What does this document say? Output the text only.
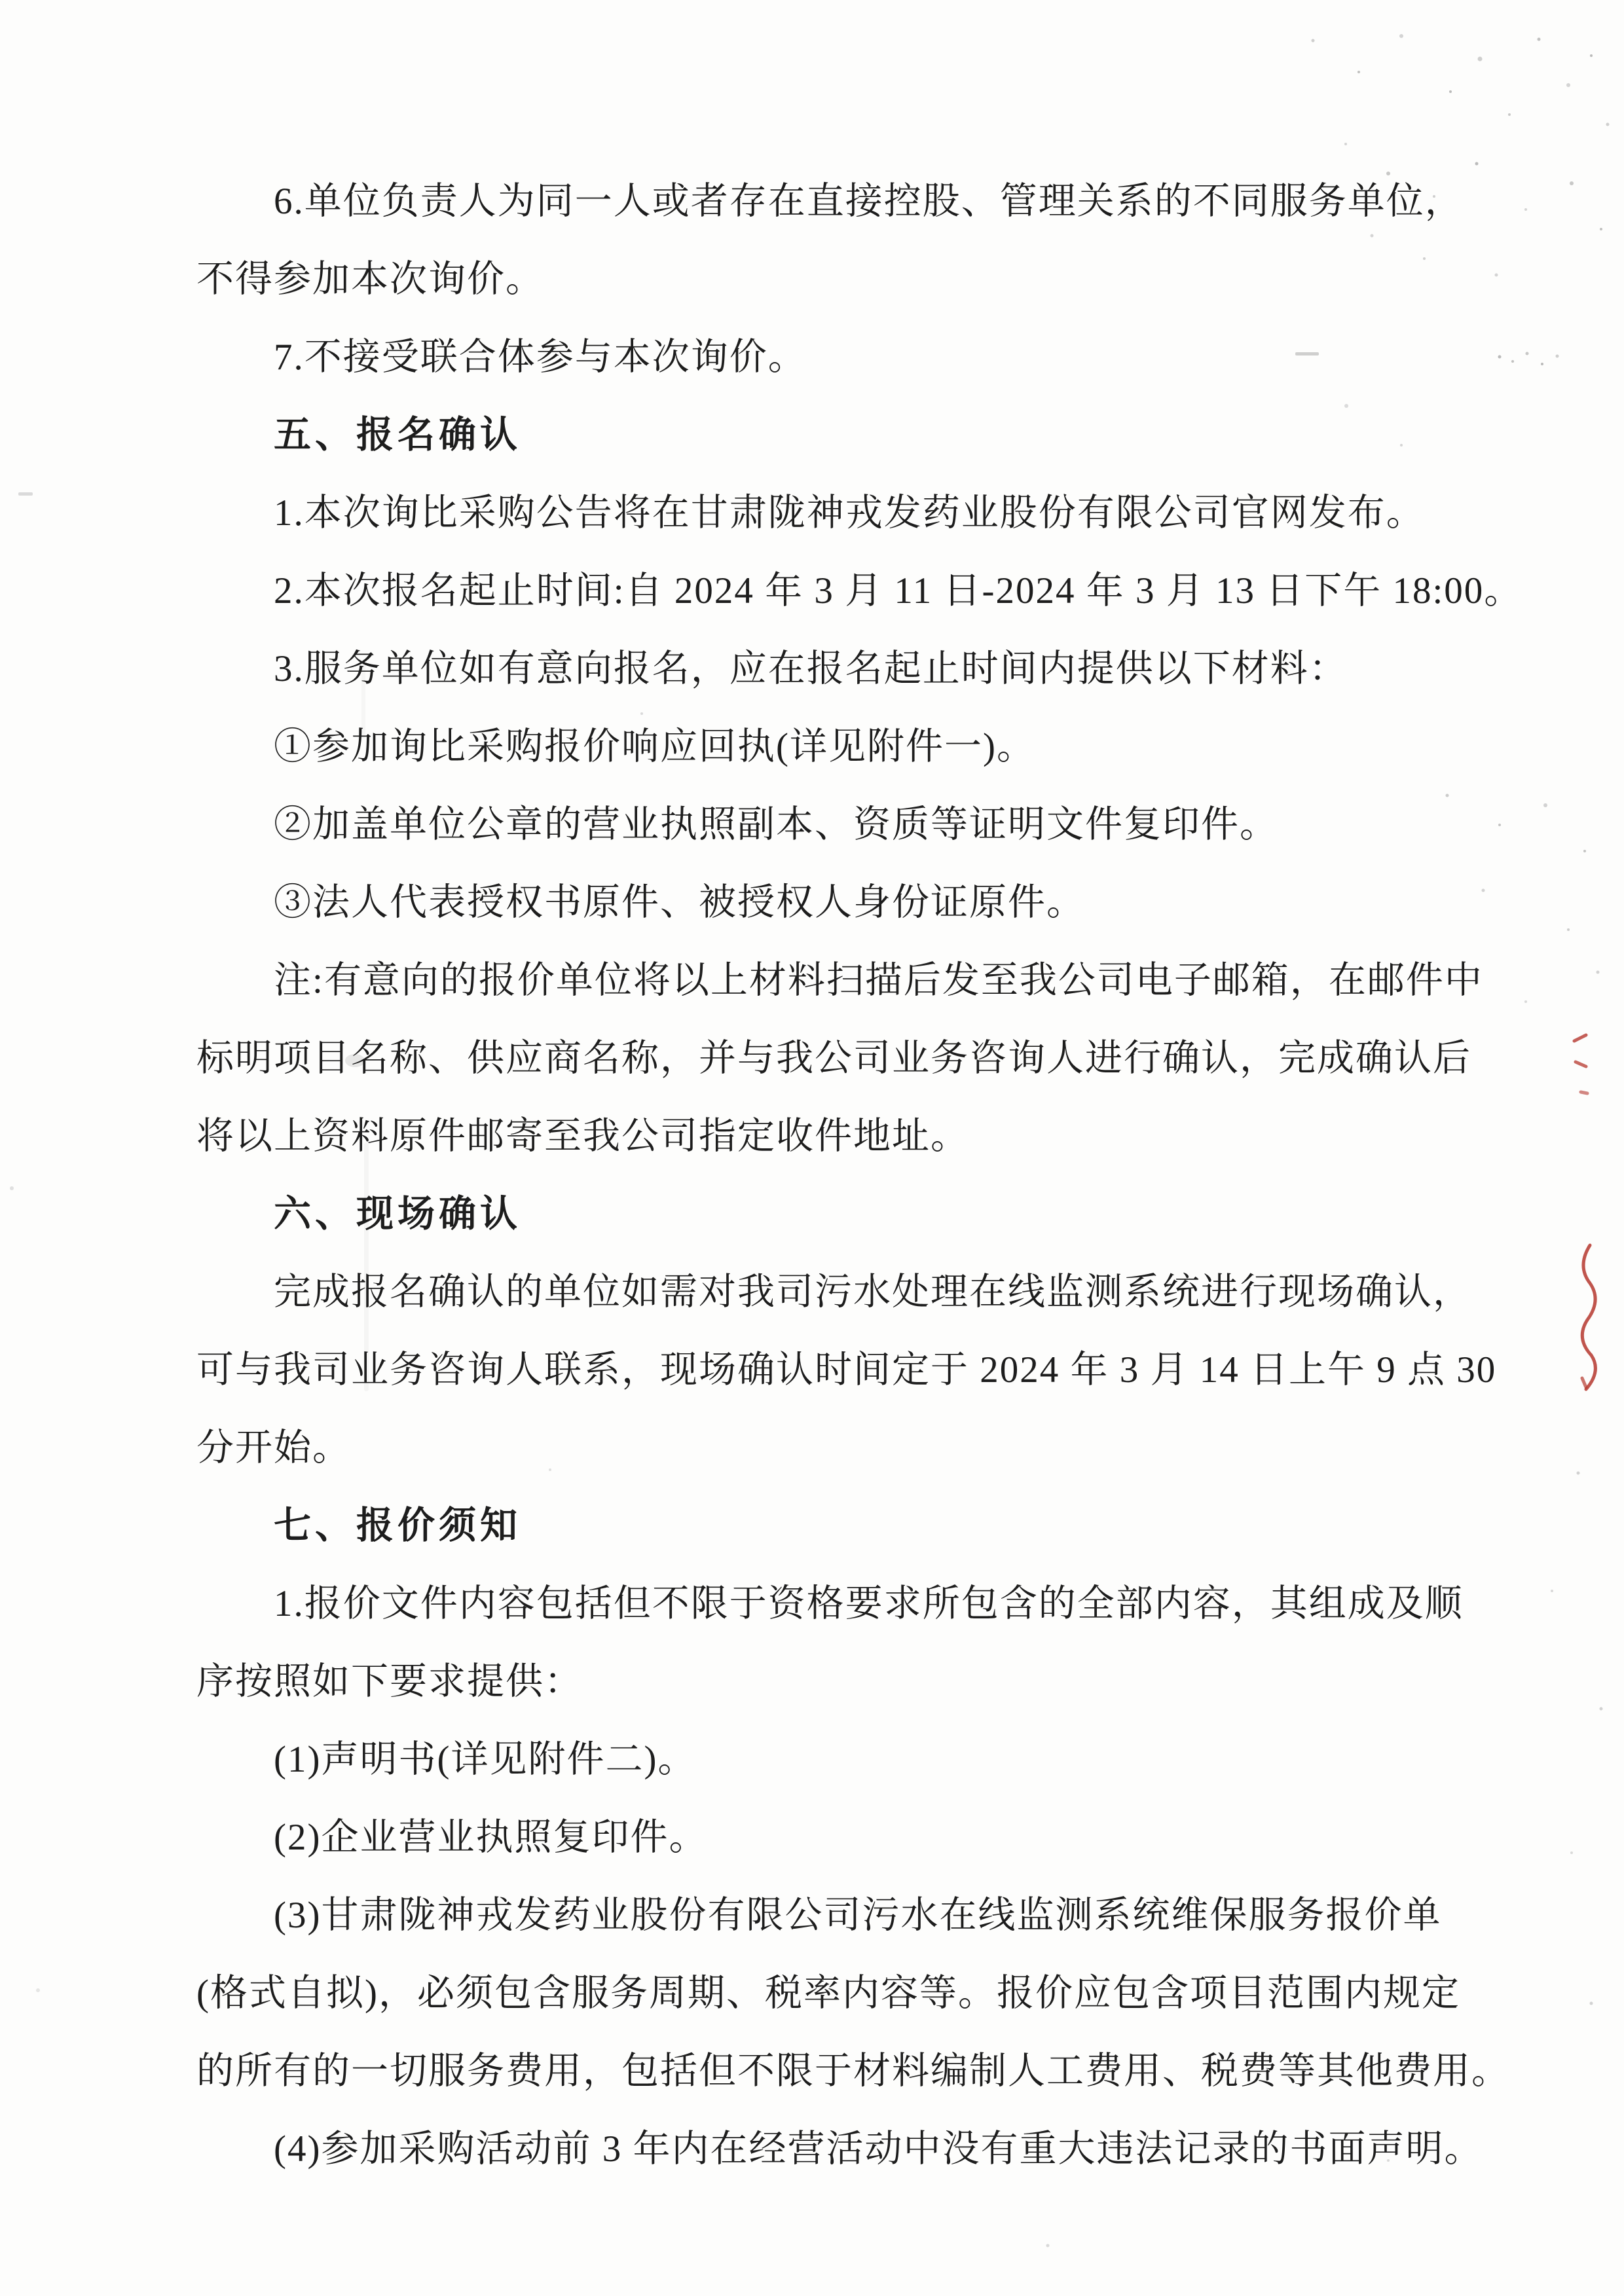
6.单位负责人为同一人或者存在直接控股、管理关系的不同服务单位，

不得参加本次询价。

7.不接受联合体参与本次询价。

五、报名确认

1.本次询比采购公告将在甘肃陇神戎发药业股份有限公司官网发布。

2.本次报名起止时间:自 2024 年 3 月 11 日-2024 年 3 月 13 日下午 18:00。

3.服务单位如有意向报名，应在报名起止时间内提供以下材料：

①参加询比采购报价响应回执(详见附件一)。

②加盖单位公章的营业执照副本、资质等证明文件复印件。

③法人代表授权书原件、被授权人身份证原件。

注:有意向的报价单位将以上材料扫描后发至我公司电子邮箱，在邮件中

标明项目名称、供应商名称，并与我公司业务咨询人进行确认，完成确认后

将以上资料原件邮寄至我公司指定收件地址。

六、现场确认

完成报名确认的单位如需对我司污水处理在线监测系统进行现场确认，

可与我司业务咨询人联系，现场确认时间定于 2024 年 3 月 14 日上午 9 点 30

分开始。

七、报价须知

1.报价文件内容包括但不限于资格要求所包含的全部内容，其组成及顺

序按照如下要求提供：

(1)声明书(详见附件二)。

(2)企业营业执照复印件。

(3)甘肃陇神戎发药业股份有限公司污水在线监测系统维保服务报价单

(格式自拟)，必须包含服务周期、税率内容等。报价应包含项目范围内规定

的所有的一切服务费用，包括但不限于材料编制人工费用、税费等其他费用。

(4)参加采购活动前 3 年内在经营活动中没有重大违法记录的书面声明。
